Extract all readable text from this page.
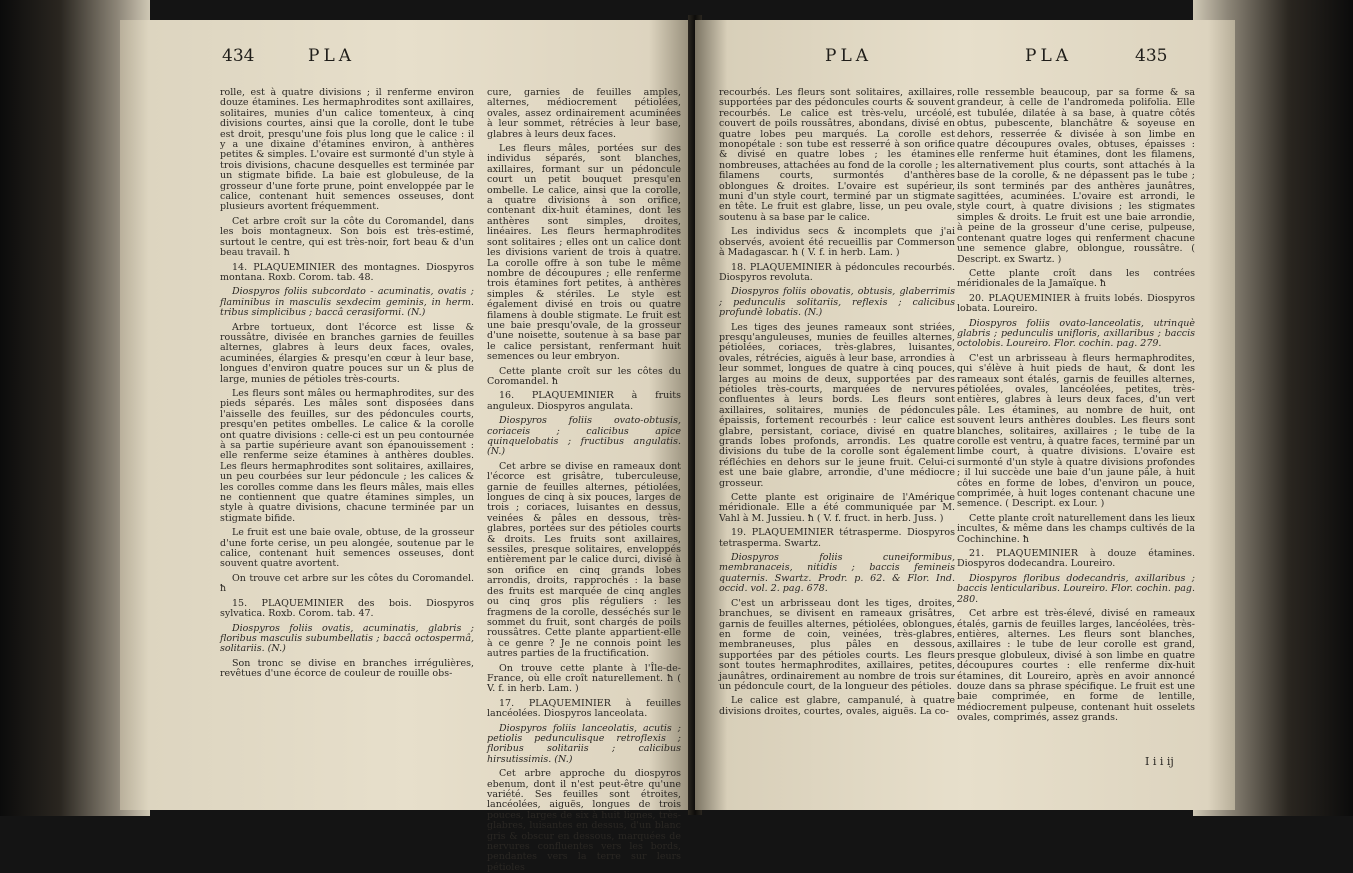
434	PLA

rolle, est à quatre divisions ; il renferme environ douze étamines. Les hermaphrodites sont axillaires, solitaires, munies d'un calice tomenteux, à cinq divisions courtes, ainsi que la corolle, dont le tube est droit, presqu'une fois plus long que le calice : il y a une dixaine d'étamines environ, à anthères petites & simples. L'ovaire est surmonté d'un style à trois divisions, chacune desquelles est terminée par un stigmate bifide. La baie est globuleuse, de la grosseur d'une forte prune, point enveloppée par le calice, contenant huit semences osseuses, dont plusieurs avortent fréquemment.

Cet arbre croît sur la côte du Coromandel, dans les bois montagneux. Son bois est très-estimé, surtout le centre, qui est très-noir, fort beau & d'un beau travail. ħ

14. PLAQUEMINIER des montagnes. Diospyros montana. Roxb. Corom. tab. 48.

Diospyros foliis subcordato - acuminatis, ovatis ; flaminibus in masculis sexdecim geminis, in herm. tribus simplicibus ; baccâ cerasiformi. (N.)

Arbre tortueux, dont l'écorce est lisse & roussâtre, divisée en branches garnies de feuilles alternes, glabres à leurs deux faces, ovales, acuminées, élargies & presqu'en cœur à leur base, longues d'environ quatre pouces sur un & plus de large, munies de pétioles très-courts.

Les fleurs sont mâles ou hermaphrodites, sur des pieds séparés. Les mâles sont disposées dans l'aisselle des feuilles, sur des pédoncules courts, presqu'en petites ombelles. Le calice & la corolle ont quatre divisions : celle-ci est un peu contournée à sa partie supérieure avant son épanouissement : elle renferme seize étamines à anthères doubles. Les fleurs hermaphrodites sont solitaires, axillaires, un peu courbées sur leur pédoncule ; les calices & les corolles comme dans les fleurs mâles, mais elles ne contiennent que quatre étamines simples, un style à quatre divisions, chacune terminée par un stigmate bifide.

Le fruit est une baie ovale, obtuse, de la grosseur d'une forte cerise, un peu alongée, soutenue par le calice, contenant huit semences osseuses, dont souvent quatre avortent.

On trouve cet arbre sur les côtes du Coromandel. ħ

15. PLAQUEMINIER des bois. Diospyros sylvatica. Roxb. Corom. tab. 47.

Diospyros foliis ovatis, acuminatis, glabris ; floribus masculis subumbellatis ; baccâ octospermâ, solitariis. (N.)

Son tronc se divise en branches irrégulières, revêtues d'une écorce de couleur de rouille obs-

cure, garnies de feuilles amples, alternes, médiocrement pétiolées, ovales, assez ordinairement acuminées à leur sommet, rétrécies à leur base, glabres à leurs deux faces.

Les fleurs mâles, portées sur des individus séparés, sont blanches, axillaires, formant sur un pédoncule court un petit bouquet presqu'en ombelle. Le calice, ainsi que la corolle, a quatre divisions à son orifice, contenant dix-huit étamines, dont les anthères sont simples, droites, linéaires. Les fleurs hermaphrodites sont solitaires ; elles ont un calice dont les divisions varient de trois à quatre. La corolle offre à son tube le même nombre de découpures ; elle renferme trois étamines fort petites, à anthères simples & stériles. Le style est également divisé en trois ou quatre filamens à double stigmate. Le fruit est une baie presqu'ovale, de la grosseur d'une noisette, soutenue à sa base par le calice persistant, renfermant huit semences ou leur embryon.

Cette plante croît sur les côtes du Coromandel. ħ

16. PLAQUEMINIER à fruits anguleux. Diospyros angulata.

Diospyros foliis ovato-obtusis, coriaceis ; calicibus apice quinquelobatis ; fructibus angulatis. (N.)

Cet arbre se divise en rameaux dont l'écorce est grisâtre, tuberculeuse, garnie de feuilles alternes, pétiolées, longues de cinq à six pouces, larges de trois ; coriaces, luisantes en dessus, veinées & pâles en dessous, très-glabres, portées sur des pétioles courts & droits. Les fruits sont axillaires, sessiles, presque solitaires, enveloppés entièrement par le calice durci, divisé à son orifice en cinq grands lobes arrondis, droits, rapprochés : la base des fruits est marquée de cinq angles ou cinq gros plis réguliers : les fragmens de la corolle, desséchés sur le sommet du fruit, sont chargés de poils roussâtres. Cette plante appartient-elle à ce genre ? Je ne connois point les autres parties de la fructification.

On trouve cette plante à l'Île-de-France, où elle croît naturellement. ħ ( V. f. in herb. Lam. )

17. PLAQUEMINIER à feuilles lancéolées. Diospyros lanceolata.

Diospyros foliis lanceolatis, acutis ; petiolis pedunculisque retroflexis ; floribus solitariis ; calicibus hirsutissimis. (N.)

Cet arbre approche du diospyros ebenum, dont il n'est peut-être qu'une variété. Ses feuilles sont étroites, lancéolées, aiguës, longues de trois pouces, larges de six à huit lignes, très-glabres, luisantes en dessus, d'un blanc gris & obscur en dessous, marquées de nervures confluentes vers les bords, pendantes vers la terre sur leurs pétioles

PLA	PLA	435

recourbés. Les fleurs sont solitaires, axillaires, supportées par des pédoncules courts & souvent recourbés. Le calice est très-velu, urcéolé, couvert de poils roussâtres, abondans, divisé en quatre lobes peu marqués. La corolle est monopétale : son tube est resserré à son orifice & divisé en quatre lobes ; les étamines nombreuses, attachées au fond de la corolle ; les filamens courts, surmontés d'anthères oblongues & droites. L'ovaire est supérieur, muni d'un style court, terminé par un stigmate en tête. Le fruit est glabre, lisse, un peu ovale, soutenu à sa base par le calice.

Les individus secs & incomplets que j'ai observés, avoient été recueillis par Commerson à Madagascar. ħ ( V. f. in herb. Lam. )

18. PLAQUEMINIER à pédoncules recourbés. Diospyros revoluta.

Diospyros foliis obovatis, obtusis, glaberrimis ; pedunculis solitariis, reflexis ; calicibus profundè lobatis. (N.)

Les tiges des jeunes rameaux sont striées, presqu'anguleuses, munies de feuilles alternes, pétiolées, coriaces, très-glabres, luisantes, ovales, rétrécies, aiguës à leur base, arrondies à leur sommet, longues de quatre à cinq pouces, larges au moins de deux, supportées par des pétioles très-courts, marquées de nervures confluentes à leurs bords. Les fleurs sont axillaires, solitaires, munies de pédoncules épaissis, fortement recourbés : leur calice est glabre, persistant, coriace, divisé en quatre grands lobes profonds, arrondis. Les quatre divisions du tube de la corolle sont également réfléchies en dehors sur le jeune fruit. Celui-ci est une baie glabre, arrondie, d'une médiocre grosseur.

Cette plante est originaire de l'Amérique méridionale. Elle a été communiquée par M. Vahl à M. Jussieu. ħ ( V. f. fruct. in herb. Juss. )

19. PLAQUEMINIER tétrasperme. Diospyros tetrasperma. Swartz.

Diospyros foliis cuneiformibus, membranaceis, nitidis ; baccis femineis quaternis. Swartz. Prodr. p. 62. & Flor. Ind. occid. vol. 2. pag. 678.

C'est un arbrisseau dont les tiges, droites, branchues, se divisent en rameaux grisâtres, garnis de feuilles alternes, pétiolées, oblongues, en forme de coin, veinées, très-glabres, membraneuses, plus pâles en dessous, supportées par des pétioles courts. Les fleurs sont toutes hermaphrodites, axillaires, petites, jaunâtres, ordinairement au nombre de trois sur un pédoncule court, de la longueur des pétioles.

Le calice est glabre, campanulé, à quatre divisions droites, courtes, ovales, aiguës. La co-

rolle ressemble beaucoup, par sa forme & sa grandeur, à celle de l'andromeda polifolia. Elle est tubulée, dilatée à sa base, à quatre côtés obtus, pubescente, blanchâtre & soyeuse en dehors, resserrée & divisée à son limbe en quatre découpures ovales, obtuses, épaisses : elle renferme huit étamines, dont les filamens, alternativement plus courts, sont attachés à la base de la corolle, & ne dépassent pas le tube ; ils sont terminés par des anthères jaunâtres, sagittées, acuminées. L'ovaire est arrondi, le style court, à quatre divisions ; les stigmates simples & droits. Le fruit est une baie arrondie, à peine de la grosseur d'une cerise, pulpeuse, contenant quatre loges qui renferment chacune une semence glabre, oblongue, roussâtre. ( Descript. ex Swartz. )

Cette plante croît dans les contrées méridionales de la Jamaïque. ħ

20. PLAQUEMINIER à fruits lobés. Diospyros lobata. Loureiro.

Diospyros foliis ovato-lanceolatis, utrinquè glabris ; pedunculis unifloris, axillaribus ; baccis octolobis. Loureiro. Flor. cochin. pag. 279.

C'est un arbrisseau à fleurs hermaphrodites, qui s'élève à huit pieds de haut, & dont les rameaux sont étalés, garnis de feuilles alternes, pétiolées, ovales, lancéolées, petites, très-entières, glabres à leurs deux faces, d'un vert pâle. Les étamines, au nombre de huit, ont souvent leurs anthères doubles. Les fleurs sont blanches, solitaires, axillaires ; le tube de la corolle est ventru, à quatre faces, terminé par un limbe court, à quatre divisions. L'ovaire est surmonté d'un style à quatre divisions profondes ; il lui succède une baie d'un jaune pâle, à huit côtes en forme de lobes, d'environ un pouce, comprimée, à huit loges contenant chacune une semence. ( Descript. ex Lour. )

Cette plante croît naturellement dans les lieux incultes, & même dans les champs cultivés de la Cochinchine. ħ

21. PLAQUEMINIER à douze étamines. Diospyros dodecandra. Loureiro.

Diospyros floribus dodecandris, axillaribus ; baccis lenticularibus. Loureiro. Flor. cochin. pag. 280.

Cet arbre est très-élevé, divisé en rameaux étalés, garnis de feuilles larges, lancéolées, très-entières, alternes. Les fleurs sont blanches, axillaires : le tube de leur corolle est grand, presque globuleux, divisé à son limbe en quatre découpures courtes : elle renferme dix-huit étamines, dit Loureiro, après en avoir annoncé douze dans sa phrase spécifique. Le fruit est une baie comprimée, en forme de lentille, médiocrement pulpeuse, contenant huit osselets ovales, comprimés, assez grands.

I i i ij
